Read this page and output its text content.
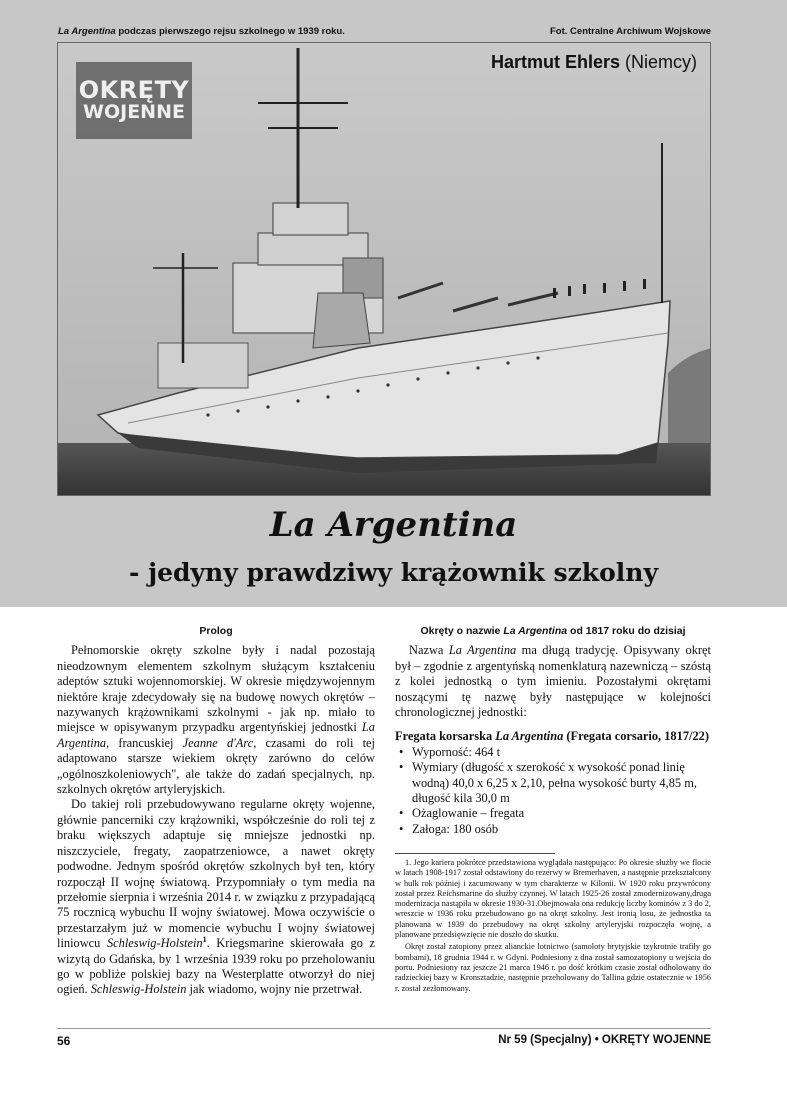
La Argentina podczas pierwszego rejsu szkolnego w 1939 roku.	Fot. Centralne Archiwum Wojskowe
OKRĘTY
WOJENNE
Hartmut Ehlers (Niemcy)
La Argentina
- jedyny prawdziwy krążownik szkolny
Prolog

Pełnomorskie okręty szkolne były i nadal pozostają nieodzownym elementem szkolnym służącym kształceniu adeptów sztuki wojennomorskiej. W okresie międzywojennym niektóre kraje zdecydowały się na budowę nowych okrętów – nazywanych krążownikami szkolnymi - jak np. miało to miejsce w opisywanym przypadku argentyńskiej jednostki La Argentina, francuskiej Jeanne d'Arc, czasami do roli tej adaptowano starsze wiekiem okręty zarówno do celów „ogólnoszkoleniowych", ale także do zadań specjalnych, np. szkolnych okrętów artyleryjskich.

Do takiej roli przebudowywano regularne okręty wojenne, głównie pancerniki czy krążowniki, współcześnie do roli tej z braku większych adaptuje się mniejsze jednostki np. niszczyciele, fregaty, zaopatrzeniowce, a nawet okręty podwodne. Jednym spośród okrętów szkolnych był ten, który rozpoczął II wojnę światową. Przypomniały o tym media na przełomie sierpnia i września 2014 r. w związku z przypadającą 75 rocznicą wybuchu II wojny światowej. Mowa oczywiście o przestarzałym już w momencie wybuchu I wojny światowej liniowcu Schleswig-Holstein$^1$. Kriegsmarine skierowała go z wizytą do Gdańska, by 1 września 1939 roku po przeholowaniu go w pobliże polskiej bazy na Westerplatte otworzył do niej ogień. Schleswig-Holstein jak wiadomo, wojny nie przetrwał.

Okręty o nazwie La Argentina od 1817 roku do dzisiaj

Nazwa La Argentina ma długą tradycję. Opisywany okręt był – zgodnie z argentyńską nomenklaturą nazewniczą – szóstą z kolei jednostką o tym imieniu. Pozostałymi okrętami noszącymi tę nazwę były następujące w kolejności chronologicznej jednostki:

Fregata korsarska La Argentina (Fregata corsario, 1817/22)

• Wyporność: 464 t
• Wymiary (długość x szerokość x wysokość ponad linię wodną) 40,0 x 6,25 x 2,10, pełna wysokość burty 4,85 m, długość kila 30,0 m
• Ożaglowanie – fregata
• Załoga: 180 osób

1. Jego kariera pokrótce przedstawiona wyglądała następująco: Po okresie służby we flocie w latach 1908-1917 został odstawiony do rezerwy w Bremerhaven, a następnie przekształcony w hulk rok później i zacumowany w tym charakterze w Kilonii. W 1920 roku przywrócony został przez Reichsmarine do służby czynnej. W latach 1925-26 został zmodernizowany,druga modernizacja nastąpiła w okresie 1930-31.Obejmowała ona redukcję liczby kominów z 3 do 2, wreszcie w 1936 roku przebudowano go na okręt szkolny. Jest ironią losu, że jednostka ta planowana w 1939 do przebudowy na okręt szkolny artyleryjski rozpoczęła wojnę, a planowane przedsięwzięcie nie doszło do skutku.

Okręt został zatopiony przez alianckie lotnictwo (samoloty brytyjskie tzykrotnie trafiły go bombami), 18 grudnia 1944 r. w Gdyni. Podniesiony z dna został samozatopiony u wejścia do portu. Podniesiony raz jeszcze 21 marca 1946 r. po dość krótkim czasie został odholowany do radzieckiej bazy w Kronsztadzie, następnie przeholowany do Tallina gdzie ostatecznie w 1956 r. został zezłomowany.

56	Nr 59 (Specjalny) • OKRĘTY WOJENNE
